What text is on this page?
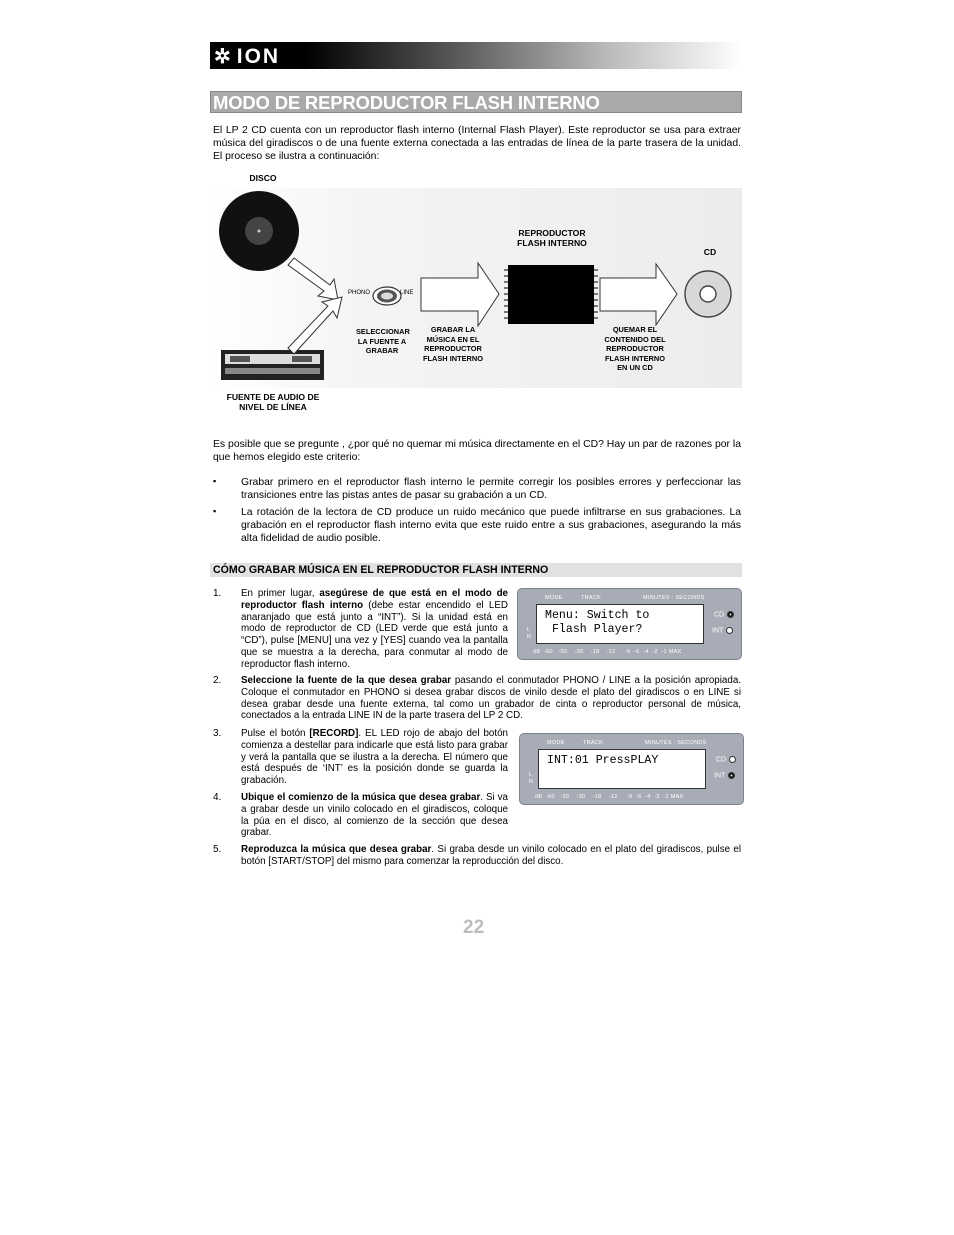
✲ ION
MODO DE REPRODUCTOR FLASH INTERNO
El LP 2 CD cuenta con un reproductor flash interno (Internal Flash Player). Este reproductor se usa para extraer música del giradiscos o de una fuente externa conectada a las entradas de línea de la parte trasera de la unidad. El proceso se ilustra a continuación:
DISCO
PHONO	LINE
REPRODUCTOR FLASH INTERNO
CD
SELECCIONAR LA FUENTE A GRABAR
GRABAR LA MÚSICA EN EL REPRODUCTOR FLASH INTERNO
QUEMAR EL CONTENIDO DEL REPRODUCTOR FLASH INTERNO EN UN CD
FUENTE DE AUDIO DE NIVEL DE LÍNEA
Es posible que se pregunte , ¿por qué no quemar mi música directamente en el CD? Hay un par de razones por la que hemos elegido este criterio:
▪ Grabar primero en el reproductor flash interno le permite corregir los posibles errores y perfeccionar las transiciones entre las pistas antes de pasar su grabación a un CD.
▪ La rotación de la lectora de CD produce un ruido mecánico que puede infiltrarse en sus grabaciones. La grabación en el reproductor flash interno evita que este ruido entre a sus grabaciones, asegurando la más alta fidelidad de audio posible.
CÓMO GRABAR MÚSICA EN EL REPRODUCTOR FLASH INTERNO
1. En primer lugar, asegúrese de que está en el modo de reproductor flash interno (debe estar encendido el LED anaranjado que está junto a “INT”). Si la unidad está en modo de reproductor de CD (LED verde que está junto a “CD”), pulse [MENU] una vez y [YES] cuando vea la pantalla que se muestra a la derecha, para conmutar al modo de reproductor flash interno.
MODE	TRACK	MINUTES : SECONDS
L
R
Menu: Switch to
Flash Player?
CD
INT
dB  -60   -50    -30    -18    -12     -9  -6  -4  -2  -1 MAX
2. Seleccione la fuente de la que desea grabar pasando el conmutador PHONO / LINE a la posición apropiada. Coloque el conmutador en PHONO si desea grabar discos de vinilo desde el plato del giradiscos o en LINE si desea grabar desde una fuente externa, tal como un grabador de cinta o reproductor personal de música, conectados a la entrada LINE IN de la parte trasera del LP 2 CD.
3. Pulse el botón [RECORD]. EL LED rojo de abajo del botón comienza a destellar para indicarle que está listo para grabar y verá la pantalla que se ilustra a la derecha. El número que está después de ‘INT’ es la posición donde se guarda la grabación.
MODE	TRACK	MINUTES : SECONDS
L
R
INT:01 PressPLAY	CD
INT
dB  -60   -50    -30    -18    -12     -9  -6  -4  -2  -1 MAX
4. Ubique el comienzo de la música que desea grabar. Si va a grabar desde un vinilo colocado en el giradiscos, coloque la púa en el disco, al comienzo de la sección que desea grabar.
5. Reproduzca la música que desea grabar. Si graba desde un vinilo colocado en el plato del giradiscos, pulse el botón [START/STOP] del mismo para comenzar la reproducción del disco.
22
